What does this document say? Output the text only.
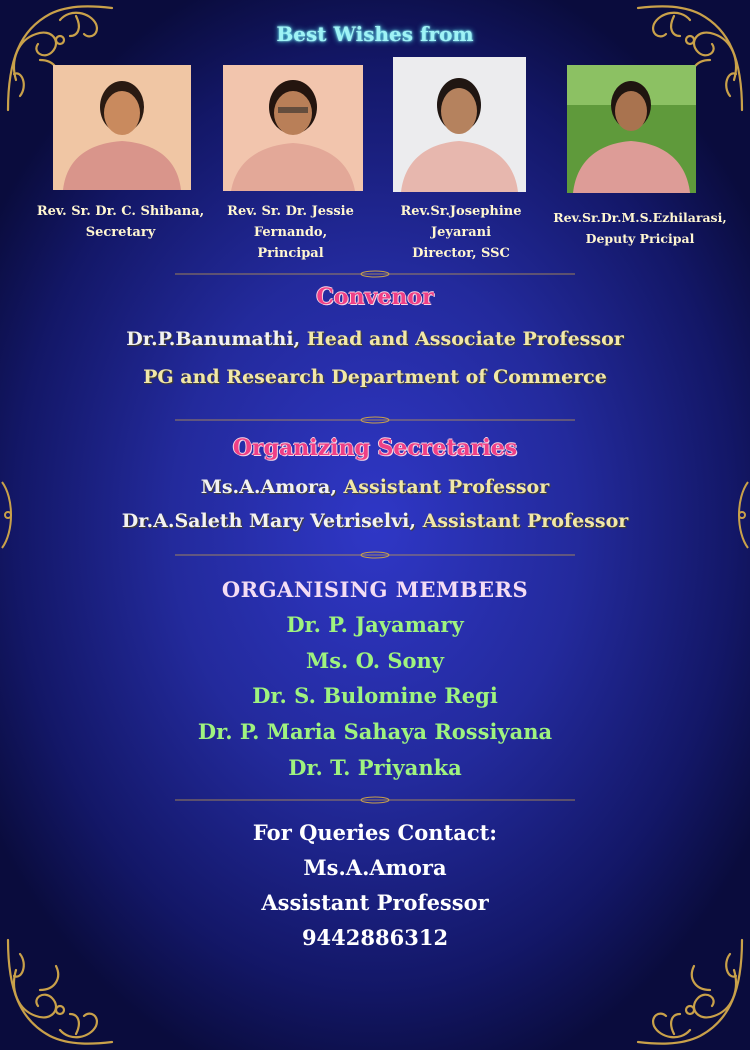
Best Wishes from
Rev. Sr. Dr. C. Shibana,
Secretary
Rev. Sr. Dr. Jessie
Fernando,
Principal
Rev.Sr.Josephine
Jeyarani
Director, SSC
Rev.Sr.Dr.M.S.Ezhilarasi,
Deputy Pricipal
Convenor
Dr.P.Banumathi, Head and Associate Professor
PG and Research Department of Commerce
Organizing Secretaries
Ms.A.Amora, Assistant Professor
Dr.A.Saleth Mary Vetriselvi, Assistant Professor
ORGANISING MEMBERS
Dr. P. Jayamary
Ms. O. Sony
Dr. S. Bulomine Regi
Dr. P. Maria Sahaya Rossiyana
Dr. T. Priyanka
For Queries Contact:
Ms.A.Amora
Assistant Professor
9442886312
